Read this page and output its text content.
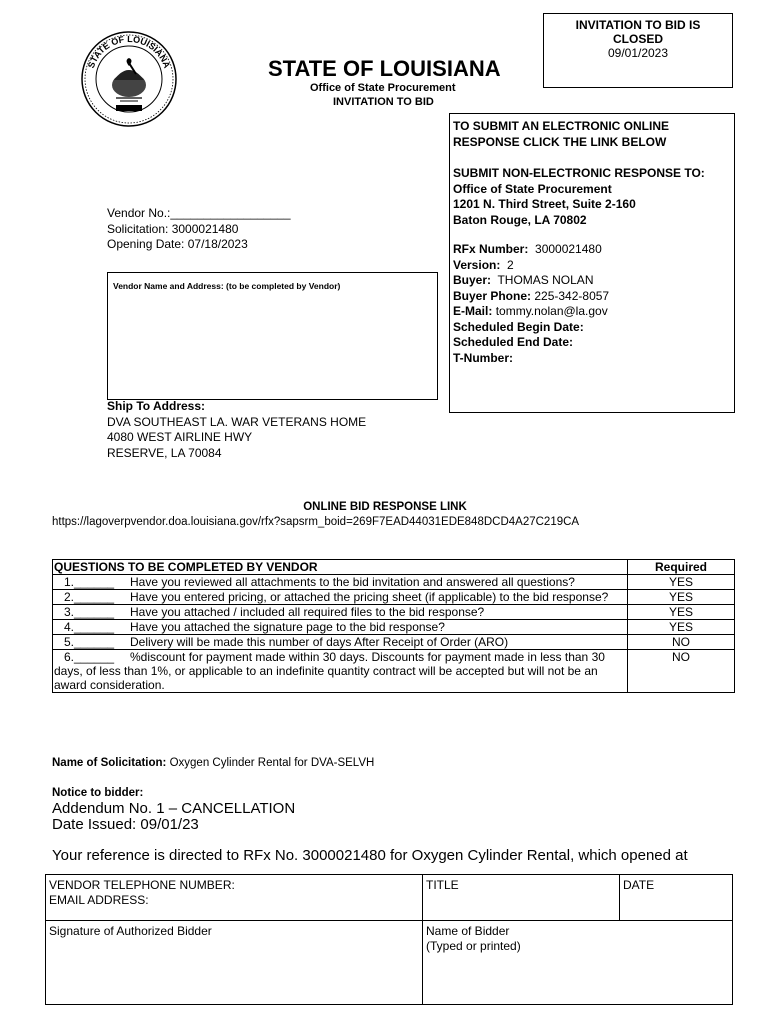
STATE OF LOUISIANA
INVITATION TO BID IS
CLOSED
09/01/2023
STATE OF LOUISIANA
Office of State Procurement
INVITATION TO BID
TO SUBMIT AN ELECTRONIC ONLINE
RESPONSE CLICK THE LINK BELOW
SUBMIT NON-ELECTRONIC RESPONSE TO:
Office of State Procurement
1201 N. Third Street, Suite 2-160
Baton Rouge, LA 70802
RFx Number: 3000021480
Version: 2
Buyer: THOMAS NOLAN
Buyer Phone: 225-342-8057
E-Mail: tommy.nolan@la.gov
Scheduled Begin Date:
Scheduled End Date:
T-Number:
Vendor No.:__________________
Solicitation: 3000021480
Opening Date: 07/18/2023
Vendor Name and Address: (to be completed by Vendor)
Ship To Address:
DVA SOUTHEAST LA. WAR VETERANS HOME
4080 WEST AIRLINE HWY
RESERVE, LA 70084
ONLINE BID RESPONSE LINK
https://lagoverpvendor.doa.louisiana.gov/rfx?sapsrm_boid=269F7EAD44031EDE848DCD4A27C219CA
QUESTIONS TO BE COMPLETED BY VENDOR	Required
1.______ Have you reviewed all attachments to the bid invitation and answered all questions?	YES
2.______ Have you entered pricing, or attached the pricing sheet (if applicable) to the bid response?	YES
3.______ Have you attached / included all required files to the bid response?	YES
4.______ Have you attached the signature page to the bid response?	YES
5.______ Delivery will be made this number of days After Receipt of Order (ARO)	NO
6.______ %discount for payment made within 30 days. Discounts for payment made in less than 30 days, of less than 1%, or applicable to an indefinite quantity contract will be accepted but will not be an award consideration.	NO
Name of Solicitation: Oxygen Cylinder Rental for DVA-SELVH
Notice to bidder:
Addendum No. 1 – CANCELLATION
Date Issued: 09/01/23
Your reference is directed to RFx No. 3000021480 for Oxygen Cylinder Rental, which opened at
VENDOR TELEPHONE NUMBER:
EMAIL ADDRESS:	TITLE	DATE
Signature of Authorized Bidder	Name of Bidder
(Typed or printed)	
